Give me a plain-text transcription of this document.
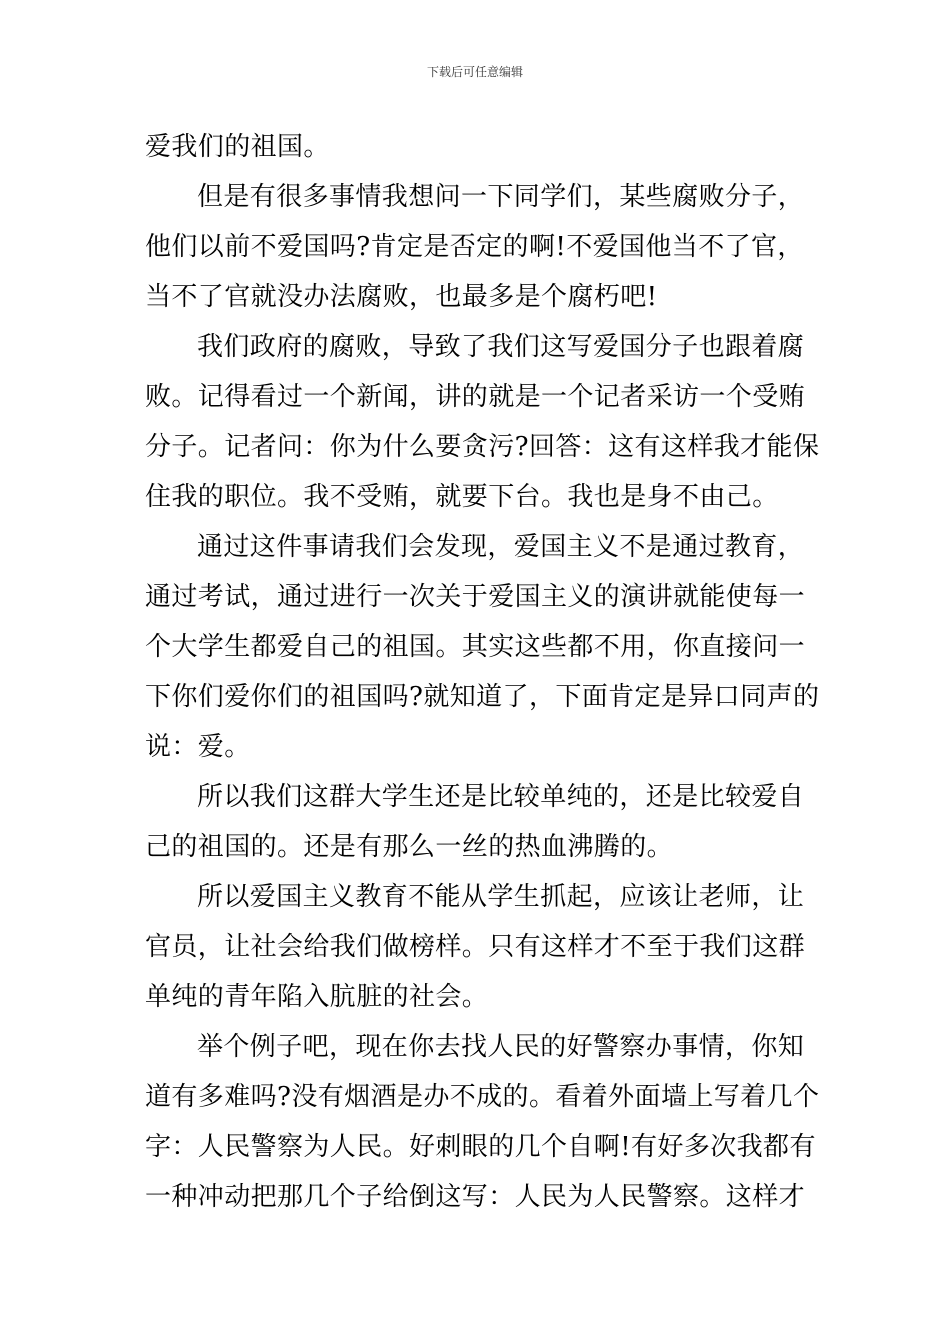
下载后可任意编辑
爱我们的祖国。
但是有很多事情我想问一下同学们，某些腐败分子，
他们以前不爱国吗?肯定是否定的啊!不爱国他当不了官，
当不了官就没办法腐败，也最多是个腐朽吧!
我们政府的腐败，导致了我们这写爱国分子也跟着腐
败。记得看过一个新闻，讲的就是一个记者采访一个受贿
分子。记者问：你为什么要贪污?回答：这有这样我才能保
住我的职位。我不受贿，就要下台。我也是身不由己。
通过这件事请我们会发现，爱国主义不是通过教育，
通过考试，通过进行一次关于爱国主义的演讲就能使每一
个大学生都爱自己的祖国。其实这些都不用，你直接问一
下你们爱你们的祖国吗?就知道了，下面肯定是异口同声的
说：爱。
所以我们这群大学生还是比较单纯的，还是比较爱自
己的祖国的。还是有那么一丝的热血沸腾的。
所以爱国主义教育不能从学生抓起，应该让老师，让
官员，让社会给我们做榜样。只有这样才不至于我们这群
单纯的青年陷入肮脏的社会。
举个例子吧，现在你去找人民的好警察办事情，你知
道有多难吗?没有烟酒是办不成的。看着外面墙上写着几个
字：人民警察为人民。好刺眼的几个自啊!有好多次我都有
一种冲动把那几个子给倒这写：人民为人民警察。这样才
